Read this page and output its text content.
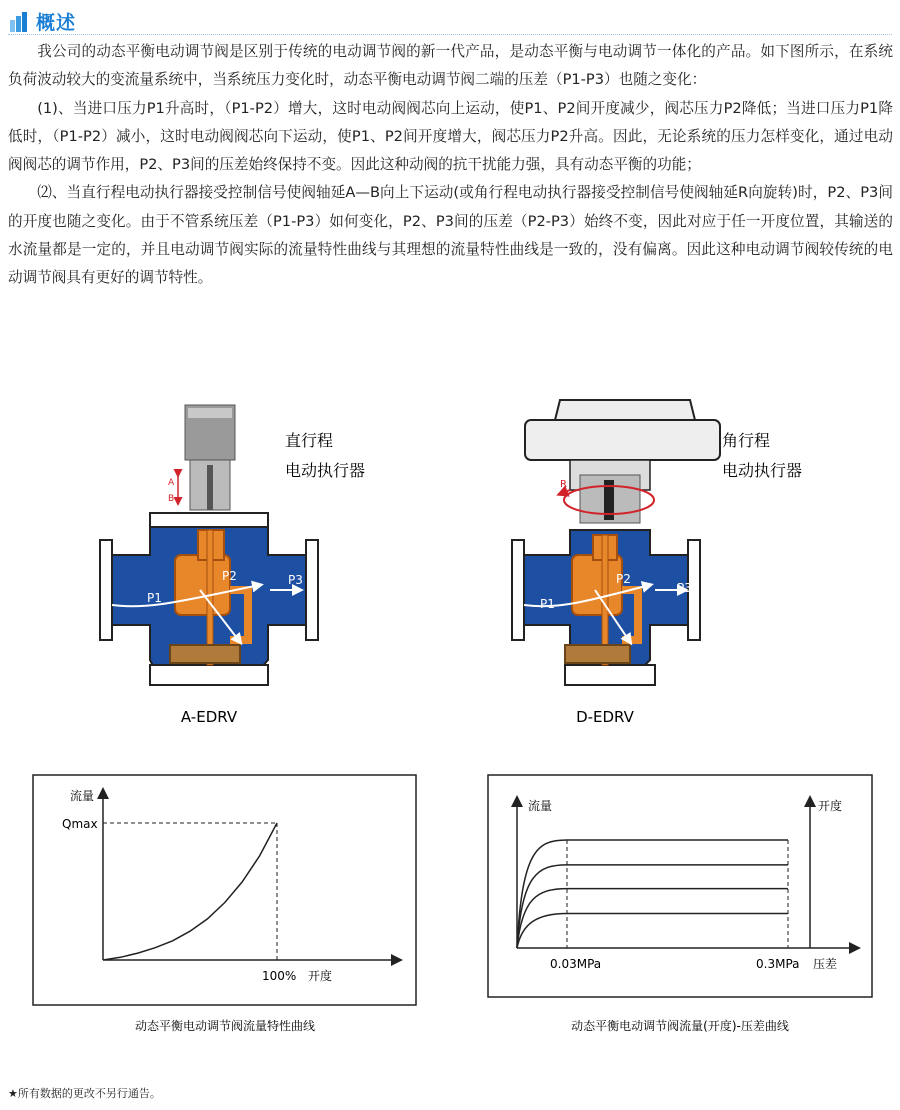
概述

我公司的动态平衡电动调节阀是区别于传统的电动调节阀的新一代产品，是动态平衡与电动调节一体化的产品。如下图所示，在系统负荷波动较大的变流量系统中，当系统压力变化时，动态平衡电动调节阀二端的压差（P1-P3）也随之变化：

(1)、当进口压力P1升高时，（P1-P2）增大，这时电动阀阀芯向上运动，使P1、P2间开度减少，阀芯压力P2降低；当进口压力P1降低时，（P1-P2）减小，这时电动阀阀芯向下运动，使P1、P2间开度增大，阀芯压力P2升高。因此，无论系统的压力怎样变化，通过电动阀阀芯的调节作用，P2、P3间的压差始终保持不变。因此这种动阀的抗干扰能力强，具有动态平衡的功能；

⑵、当直行程电动执行器接受控制信号使阀轴延A—B向上下运动(或角行程电动执行器接受控制信号使阀轴延R向旋转)时，P2、P3间的开度也随之变化。由于不管系统压差（P1-P3）如何变化，P2、P3间的压差（P2-P3）始终不变，因此对应于任一开度位置，其输送的水流量都是一定的，并且电动调节阀实际的流量特性曲线与其理想的流量特性曲线是一致的，没有偏离。因此这种电动调节阀较传统的电动调节阀具有更好的调节特性。

A
B
P1
P2	P3
直行程
电动执行器
A-EDRV
R
P1
P2
P3
角行程
电动执行器
D-EDRV
流量
Qmax
100% 开度
动态平衡电动调节阀流量特性曲线
流量	开度
0.03MPa	0.3MPa 压差
动态平衡电动调节阀流量(开度)-压差曲线
★所有数据的更改不另行通告。
